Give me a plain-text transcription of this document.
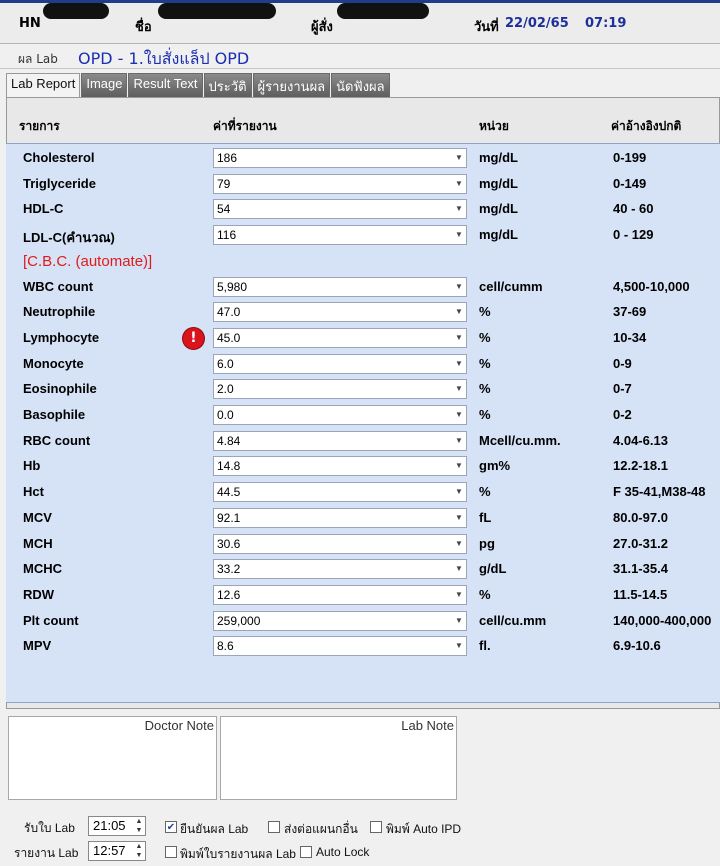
HN	ชื่อ	ผู้สั่ง	วันที่ 22/02/65 07:19
ผล Lab OPD - 1.ใบสั่งแล็ป OPD
Lab Report Image Result Text ประวัติ ผู้รายงานผล นัดฟังผล
รายการ	ค่าที่รายงาน	หน่วย	ค่าอ้างอิงปกติ
Cholesterol	186	▼ mg/dL	0-199
Triglyceride	79	▼ mg/dL	0-149
HDL-C	54	▼ mg/dL	40 - 60
LDL-C(คำนวณ)	116	▼ mg/dL	0 - 129
[C.B.C. (automate)]
WBC count	5,980	▼ cell/cumm	4,500-10,000
Neutrophile	47.0	▼ %	37-69
Lymphocyte	!	45.0	▼ %	10-34
Monocyte	6.0	▼ %	0-9
Eosinophile	2.0	▼ %	0-7
Basophile	0.0	▼ %	0-2
RBC count	4.84	▼ Mcell/cu.mm.	4.04-6.13
Hb	14.8	▼ gm%	12.2-18.1
Hct	44.5	▼ %	F 35-41,M38-48
MCV	92.1	▼ fL	80.0-97.0
MCH	30.6	▼ pg	27.0-31.2
MCHC	33.2	▼ g/dL	31.1-35.4
RDW	12.6	▼ %	11.5-14.5
Plt count	259,000	▼ cell/cu.mm	140,000-400,000
MPV	8.6	▼ fl.	6.9-10.6
Doctor Note	Lab Note
รับใบ Lab	21:05	▲
▼ ✔ ยืนยันผล Lab	ส่งต่อแผนกอื่น พิมพ์ Auto IPD
รายงาน Lab	12:57	▲
▼	พิมพ์ใบรายงานผล Lab Auto Lock
